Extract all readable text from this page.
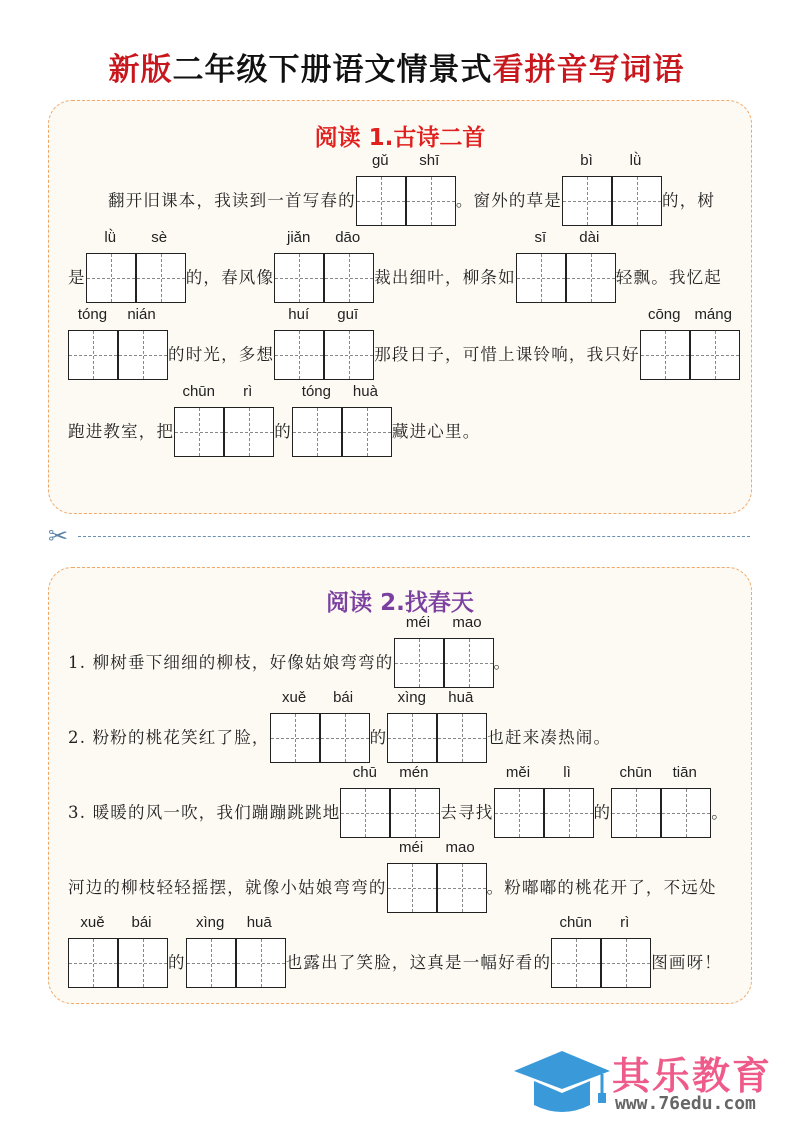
新版二年级下册语文情景式看拼音写词语
阅读 1.古诗二首
✂
阅读 2.找春天
翻开旧课本，我读到一首写春的
gǔ	shī
。窗外的草是
bì	lǜ
的，树
是
lǜ	sè
的，春风像
jiǎn	dāo
裁出细叶，柳条如
sī	dài
轻飘。我忆起
tóng	nián
的时光，多想
huí	guī
那段日子，可惜上课铃响，我只好
cōng máng
跑进教室，把
chūn	rì
的
tóng	huà
藏进心里。
1. 柳树垂下细细的柳枝，好像姑娘弯弯的
méi	mao
。
2. 粉粉的桃花笑红了脸，
xuě	bái
的
xìng	huā
也赶来凑热闹。
3. 暖暖的风一吹，我们蹦蹦跳跳地
chū	mén
去寻找
měi	lì
的
chūn	tiān
。
河边的柳枝轻轻摇摆，就像小姑娘弯弯的
méi	mao
。粉嘟嘟的桃花开了，不远处
xuě	bái
的
xìng	huā
也露出了笑脸，这真是一幅好看的
chūn	rì
图画呀！
其乐教育
www.76edu.com
